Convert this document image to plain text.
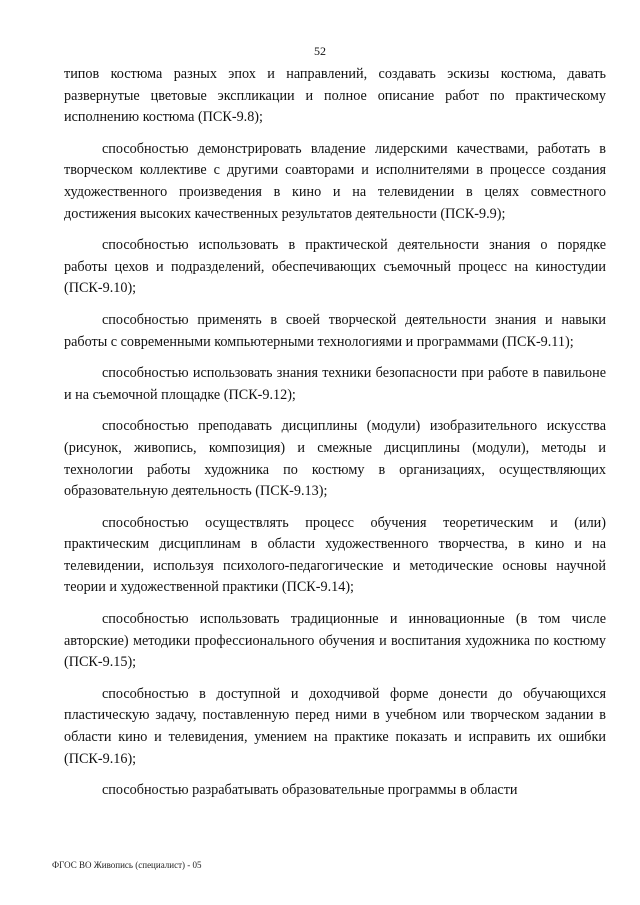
52

типов костюма разных эпох и направлений, создавать эскизы костюма, давать развернутые цветовые экспликации и полное описание работ по практическому исполнению костюма (ПСК-9.8);

способностью демонстрировать владение лидерскими качествами, работать в творческом коллективе с другими соавторами и исполнителями в процессе создания художественного произведения в кино и на телевидении в целях совместного достижения высоких качественных результатов деятельности (ПСК-9.9);

способностью использовать в практической деятельности знания о порядке работы цехов и подразделений, обеспечивающих съемочный процесс на киностудии (ПСК-9.10);

способностью применять в своей творческой деятельности знания и навыки работы с современными компьютерными технологиями и программами (ПСК-9.11);

способностью использовать знания техники безопасности при работе в павильоне и на съемочной площадке (ПСК-9.12);

способностью преподавать дисциплины (модули) изобразительного искусства (рисунок, живопись, композиция) и смежные дисциплины (модули), методы и технологии работы художника по костюму в организациях, осуществляющих образовательную деятельность (ПСК-9.13);

способностью осуществлять процесс обучения теоретическим и (или) практическим дисциплинам в области художественного творчества, в кино и на телевидении, используя психолого-педагогические и методические основы научной теории и художественной практики (ПСК-9.14);

способностью использовать традиционные и инновационные (в том числе авторские) методики профессионального обучения и воспитания художника по костюму (ПСК-9.15);

способностью в доступной и доходчивой форме донести до обучающихся пластическую задачу, поставленную перед ними в учебном или творческом задании в области кино и телевидения, умением на практике показать и исправить их ошибки (ПСК-9.16);

способностью разрабатывать образовательные программы в области

ФГОС ВО Живопись (специалист) - 05
